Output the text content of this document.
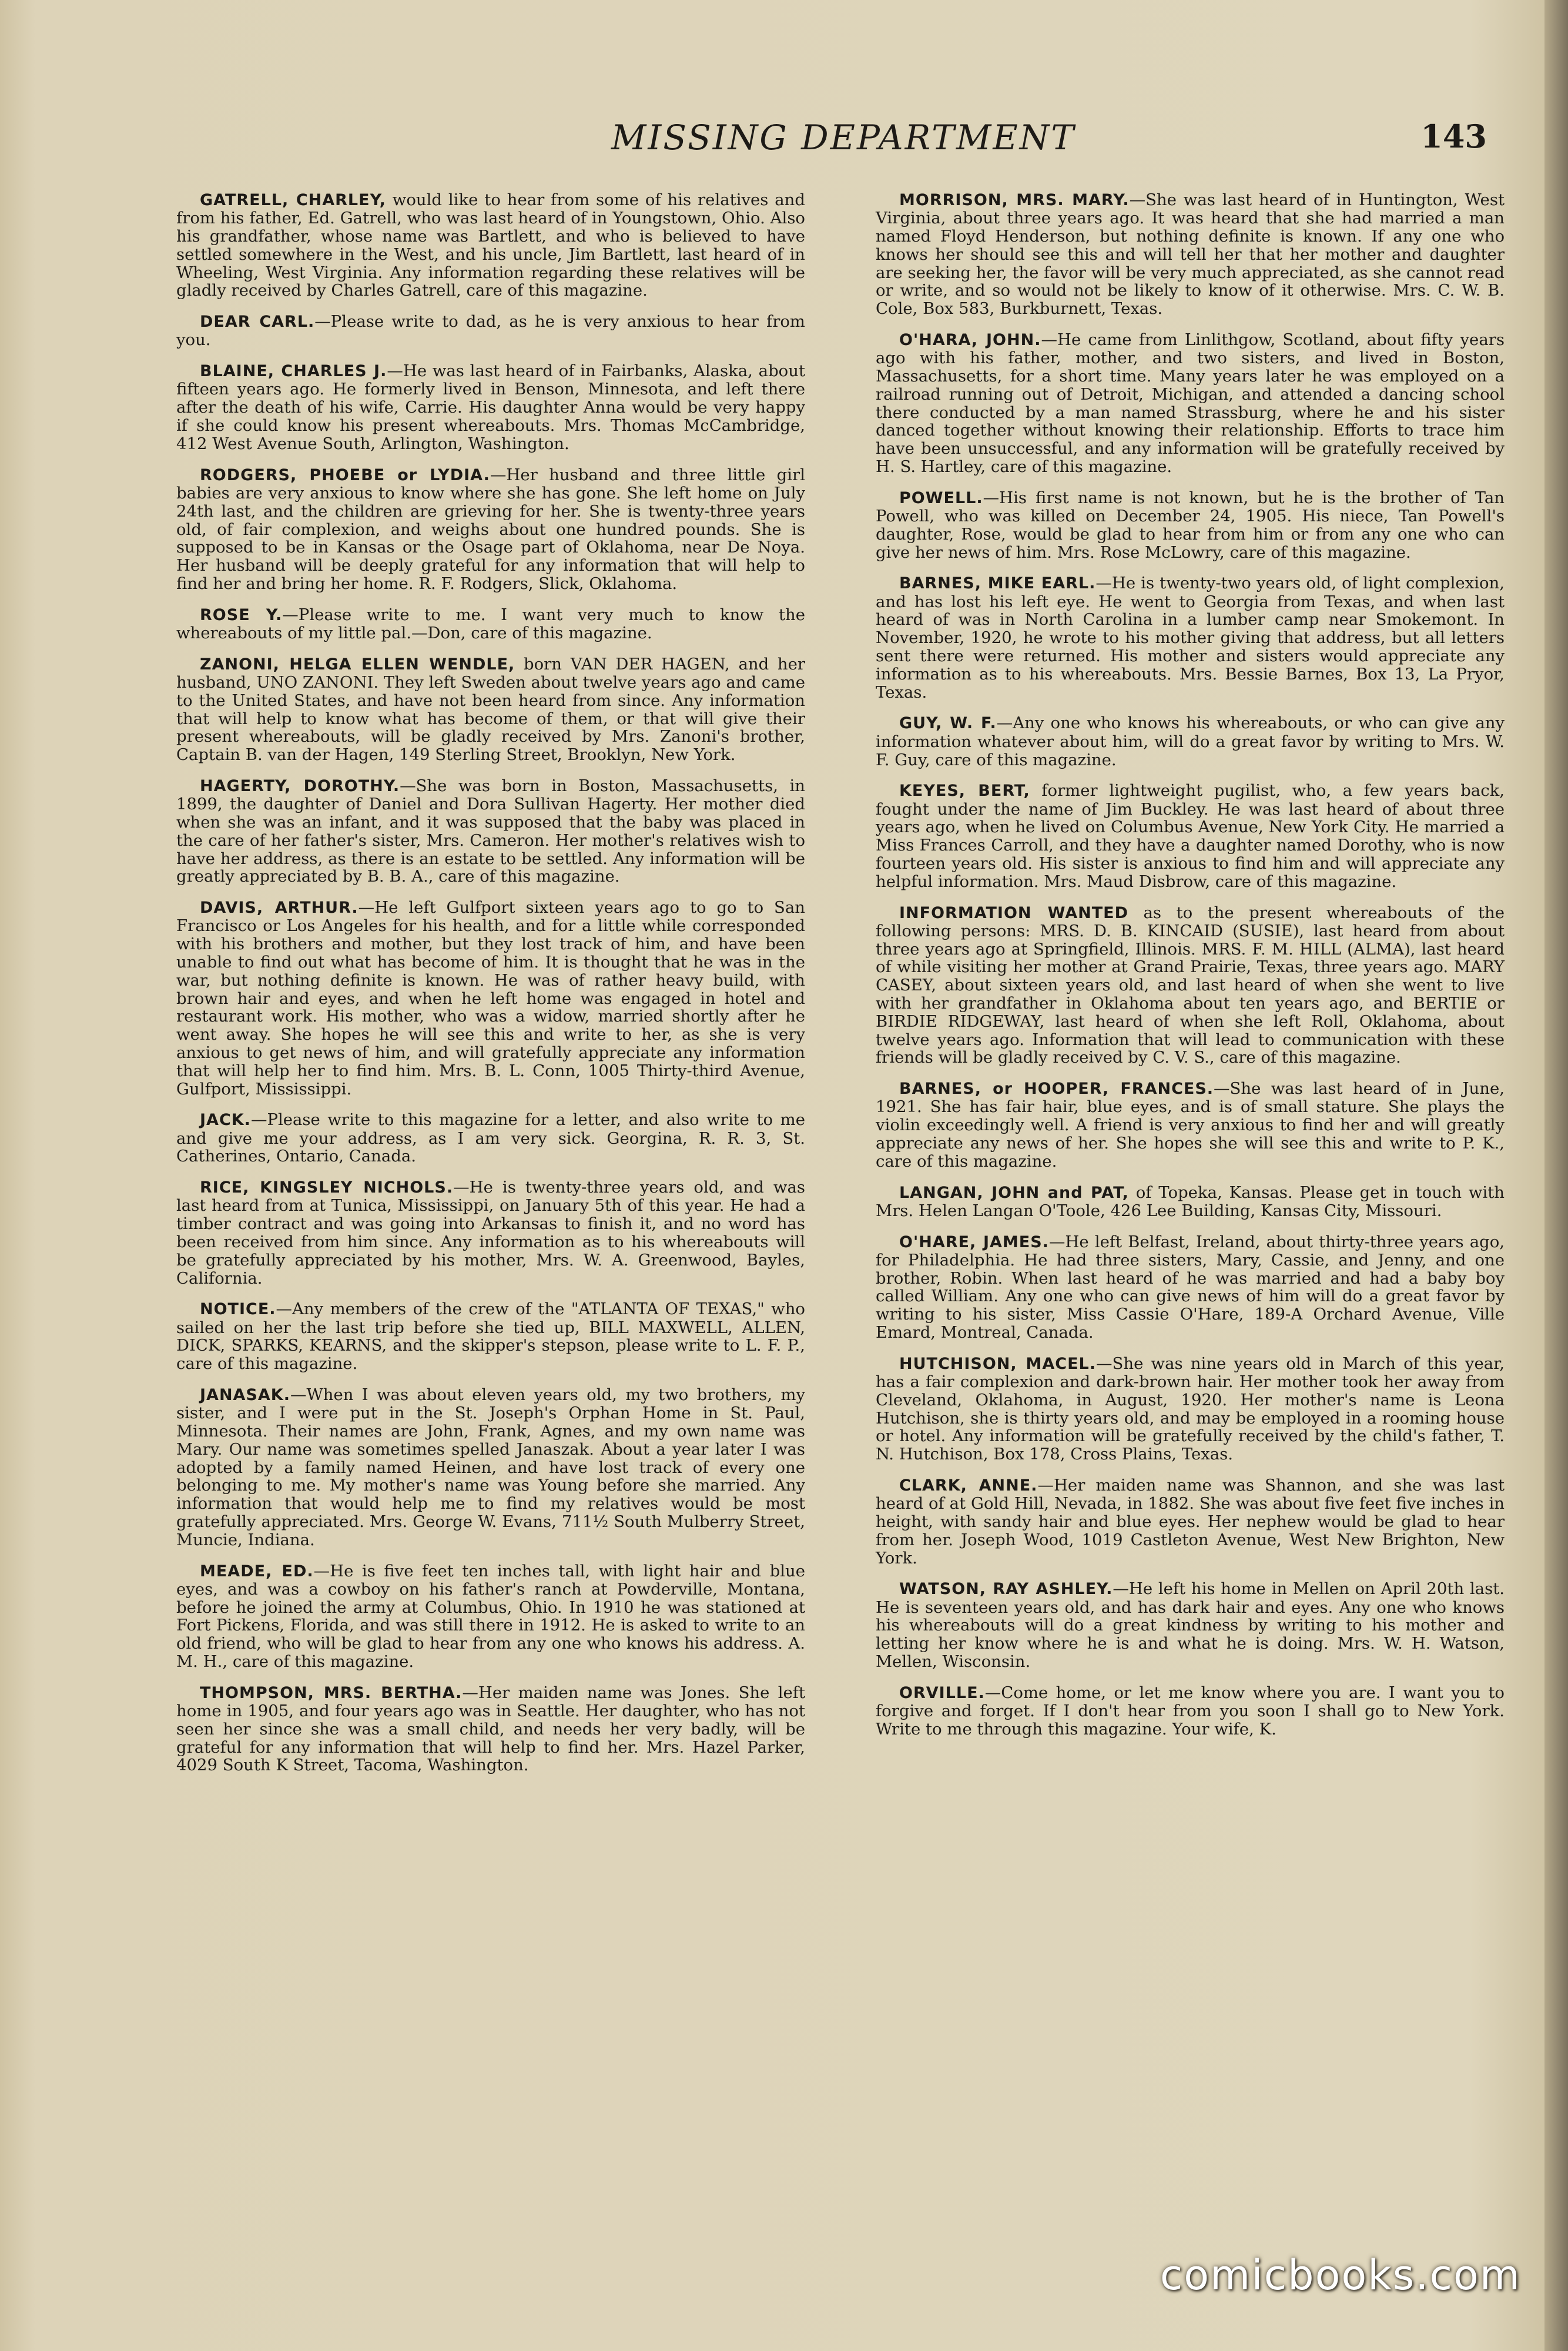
MISSING DEPARTMENT	143

GATRELL, CHARLEY, would like to hear from some of his relatives and from his father, Ed. Gatrell, who was last heard of in Youngstown, Ohio. Also his grandfather, whose name was Bartlett, and who is believed to have settled somewhere in the West, and his uncle, Jim Bartlett, last heard of in Wheeling, West Virginia. Any information regarding these relatives will be gladly received by Charles Gatrell, care of this magazine.

DEAR CARL.—Please write to dad, as he is very anxious to hear from you.

BLAINE, CHARLES J.—He was last heard of in Fairbanks, Alaska, about fifteen years ago. He formerly lived in Benson, Minnesota, and left there after the death of his wife, Carrie. His daughter Anna would be very happy if she could know his present whereabouts. Mrs. Thomas McCambridge, 412 West Avenue South, Arlington, Washington.

RODGERS, PHOEBE or LYDIA.—Her husband and three little girl babies are very anxious to know where she has gone. She left home on July 24th last, and the children are grieving for her. She is twenty-three years old, of fair complexion, and weighs about one hundred pounds. She is supposed to be in Kansas or the Osage part of Oklahoma, near De Noya. Her husband will be deeply grateful for any information that will help to find her and bring her home. R. F. Rodgers, Slick, Oklahoma.

ROSE Y.—Please write to me. I want very much to know the whereabouts of my little pal.—Don, care of this magazine.

ZANONI, HELGA ELLEN WENDLE, born VAN DER HAGEN, and her husband, UNO ZANONI. They left Sweden about twelve years ago and came to the United States, and have not been heard from since. Any information that will help to know what has become of them, or that will give their present whereabouts, will be gladly received by Mrs. Zanoni's brother, Captain B. van der Hagen, 149 Sterling Street, Brooklyn, New York.

HAGERTY, DOROTHY.—She was born in Boston, Massachusetts, in 1899, the daughter of Daniel and Dora Sullivan Hagerty. Her mother died when she was an infant, and it was supposed that the baby was placed in the care of her father's sister, Mrs. Cameron. Her mother's relatives wish to have her address, as there is an estate to be settled. Any information will be greatly appreciated by B. B. A., care of this magazine.

DAVIS, ARTHUR.—He left Gulfport sixteen years ago to go to San Francisco or Los Angeles for his health, and for a little while corresponded with his brothers and mother, but they lost track of him, and have been unable to find out what has become of him. It is thought that he was in the war, but nothing definite is known. He was of rather heavy build, with brown hair and eyes, and when he left home was engaged in hotel and restaurant work. His mother, who was a widow, married shortly after he went away. She hopes he will see this and write to her, as she is very anxious to get news of him, and will gratefully appreciate any information that will help her to find him. Mrs. B. L. Conn, 1005 Thirty-third Avenue, Gulfport, Mississippi.

JACK.—Please write to this magazine for a letter, and also write to me and give me your address, as I am very sick. Georgina, R. R. 3, St. Catherines, Ontario, Canada.

RICE, KINGSLEY NICHOLS.—He is twenty-three years old, and was last heard from at Tunica, Mississippi, on January 5th of this year. He had a timber contract and was going into Arkansas to finish it, and no word has been received from him since. Any information as to his whereabouts will be gratefully appreciated by his mother, Mrs. W. A. Greenwood, Bayles, California.

NOTICE.—Any members of the crew of the "ATLANTA OF TEXAS," who sailed on her the last trip before she tied up, BILL MAXWELL, ALLEN, DICK, SPARKS, KEARNS, and the skipper's stepson, please write to L. F. P., care of this magazine.

JANASAK.—When I was about eleven years old, my two brothers, my sister, and I were put in the St. Joseph's Orphan Home in St. Paul, Minnesota. Their names are John, Frank, Agnes, and my own name was Mary. Our name was sometimes spelled Janaszak. About a year later I was adopted by a family named Heinen, and have lost track of every one belonging to me. My mother's name was Young before she married. Any information that would help me to find my relatives would be most gratefully appreciated. Mrs. George W. Evans, 711½ South Mulberry Street, Muncie, Indiana.

MEADE, ED.—He is five feet ten inches tall, with light hair and blue eyes, and was a cowboy on his father's ranch at Powderville, Montana, before he joined the army at Columbus, Ohio. In 1910 he was stationed at Fort Pickens, Florida, and was still there in 1912. He is asked to write to an old friend, who will be glad to hear from any one who knows his address. A. M. H., care of this magazine.

THOMPSON, MRS. BERTHA.—Her maiden name was Jones. She left home in 1905, and four years ago was in Seattle. Her daughter, who has not seen her since she was a small child, and needs her very badly, will be grateful for any information that will help to find her. Mrs. Hazel Parker, 4029 South K Street, Tacoma, Washington.

MORRISON, MRS. MARY.—She was last heard of in Huntington, West Virginia, about three years ago. It was heard that she had married a man named Floyd Henderson, but nothing definite is known. If any one who knows her should see this and will tell her that her mother and daughter are seeking her, the favor will be very much appreciated, as she cannot read or write, and so would not be likely to know of it otherwise. Mrs. C. W. B. Cole, Box 583, Burkburnett, Texas.

O'HARA, JOHN.—He came from Linlithgow, Scotland, about fifty years ago with his father, mother, and two sisters, and lived in Boston, Massachusetts, for a short time. Many years later he was employed on a railroad running out of Detroit, Michigan, and attended a dancing school there conducted by a man named Strassburg, where he and his sister danced together without knowing their relationship. Efforts to trace him have been unsuccessful, and any information will be gratefully received by H. S. Hartley, care of this magazine.

POWELL.—His first name is not known, but he is the brother of Tan Powell, who was killed on December 24, 1905. His niece, Tan Powell's daughter, Rose, would be glad to hear from him or from any one who can give her news of him. Mrs. Rose McLowry, care of this magazine.

BARNES, MIKE EARL.—He is twenty-two years old, of light complexion, and has lost his left eye. He went to Georgia from Texas, and when last heard of was in North Carolina in a lumber camp near Smokemont. In November, 1920, he wrote to his mother giving that address, but all letters sent there were returned. His mother and sisters would appreciate any information as to his whereabouts. Mrs. Bessie Barnes, Box 13, La Pryor, Texas.

GUY, W. F.—Any one who knows his whereabouts, or who can give any information whatever about him, will do a great favor by writing to Mrs. W. F. Guy, care of this magazine.

KEYES, BERT, former lightweight pugilist, who, a few years back, fought under the name of Jim Buckley. He was last heard of about three years ago, when he lived on Columbus Avenue, New York City. He married a Miss Frances Carroll, and they have a daughter named Dorothy, who is now fourteen years old. His sister is anxious to find him and will appreciate any helpful information. Mrs. Maud Disbrow, care of this magazine.

INFORMATION WANTED as to the present whereabouts of the following persons: MRS. D. B. KINCAID (SUSIE), last heard from about three years ago at Springfield, Illinois. MRS. F. M. HILL (ALMA), last heard of while visiting her mother at Grand Prairie, Texas, three years ago. MARY CASEY, about sixteen years old, and last heard of when she went to live with her grandfather in Oklahoma about ten years ago, and BERTIE or BIRDIE RIDGEWAY, last heard of when she left Roll, Oklahoma, about twelve years ago. Information that will lead to communication with these friends will be gladly received by C. V. S., care of this magazine.

BARNES, or HOOPER, FRANCES.—She was last heard of in June, 1921. She has fair hair, blue eyes, and is of small stature. She plays the violin exceedingly well. A friend is very anxious to find her and will greatly appreciate any news of her. She hopes she will see this and write to P. K., care of this magazine.

LANGAN, JOHN and PAT, of Topeka, Kansas. Please get in touch with Mrs. Helen Langan O'Toole, 426 Lee Building, Kansas City, Missouri.

O'HARE, JAMES.—He left Belfast, Ireland, about thirty-three years ago, for Philadelphia. He had three sisters, Mary, Cassie, and Jenny, and one brother, Robin. When last heard of he was married and had a baby boy called William. Any one who can give news of him will do a great favor by writing to his sister, Miss Cassie O'Hare, 189-A Orchard Avenue, Ville Emard, Montreal, Canada.

HUTCHISON, MACEL.—She was nine years old in March of this year, has a fair complexion and dark-brown hair. Her mother took her away from Cleveland, Oklahoma, in August, 1920. Her mother's name is Leona Hutchison, she is thirty years old, and may be employed in a rooming house or hotel. Any information will be gratefully received by the child's father, T. N. Hutchison, Box 178, Cross Plains, Texas.

CLARK, ANNE.—Her maiden name was Shannon, and she was last heard of at Gold Hill, Nevada, in 1882. She was about five feet five inches in height, with sandy hair and blue eyes. Her nephew would be glad to hear from her. Joseph Wood, 1019 Castleton Avenue, West New Brighton, New York.

WATSON, RAY ASHLEY.—He left his home in Mellen on April 20th last. He is seventeen years old, and has dark hair and eyes. Any one who knows his whereabouts will do a great kindness by writing to his mother and letting her know where he is and what he is doing. Mrs. W. H. Watson, Mellen, Wisconsin.

ORVILLE.—Come home, or let me know where you are. I want you to forgive and forget. If I don't hear from you soon I shall go to New York. Write to me through this magazine. Your wife, K.

comicbooks.com
